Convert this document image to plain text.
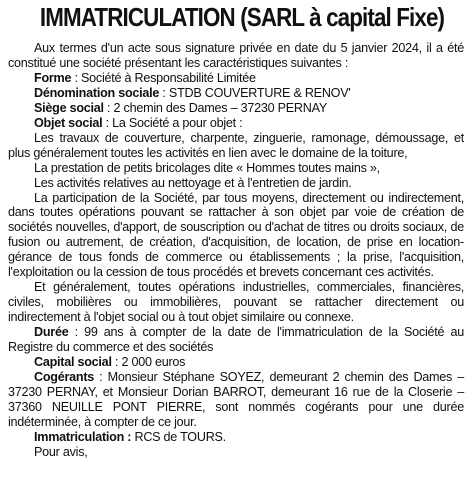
IMMATRICULATION (SARL à capital Fixe)

Aux termes d'un acte sous signature privée en date du 5 janvier 2024, il a été constitué une société présentant les caractéristiques suivantes :

Forme : Société à Responsabilité Limitée

Dénomination sociale : STDB COUVERTURE & RENOV'

Siège social : 2 chemin des Dames – 37230 PERNAY

Objet social : La Société a pour objet :

Les travaux de couverture, charpente, zinguerie, ramonage, démoussage, et plus généralement toutes les activités en lien avec le domaine de la toiture,

La prestation de petits bricolages dite « Hommes toutes mains »,

Les activités relatives au nettoyage et à l'entretien de jardin.

La participation de la Société, par tous moyens, directement ou indirectement, dans toutes opérations pouvant se rattacher à son objet par voie de création de sociétés nouvelles, d'apport, de souscription ou d'achat de titres ou droits sociaux, de fusion ou autrement, de création, d'acquisition, de location, de prise en location-gérance de tous fonds de commerce ou établissements ; la prise, l'acquisition, l'exploitation ou la cession de tous procédés et brevets concernant ces activités.

Et généralement, toutes opérations industrielles, commerciales, financières, civiles, mobilières ou immobilières, pouvant se rattacher directement ou indirectement à l'objet social ou à tout objet similaire ou connexe.

Durée : 99 ans à compter de la date de l'immatriculation de la Société au Registre du commerce et des sociétés

Capital social : 2 000 euros

Cogérants : Monsieur Stéphane SOYEZ, demeurant 2 chemin des Dames – 37230 PERNAY, et Monsieur Dorian BARROT, demeurant 16 rue de la Closerie – 37360 NEUILLE PONT PIERRE, sont nommés cogérants pour une durée indéterminée, à compter de ce jour.

Immatriculation : RCS de TOURS.

Pour avis,
